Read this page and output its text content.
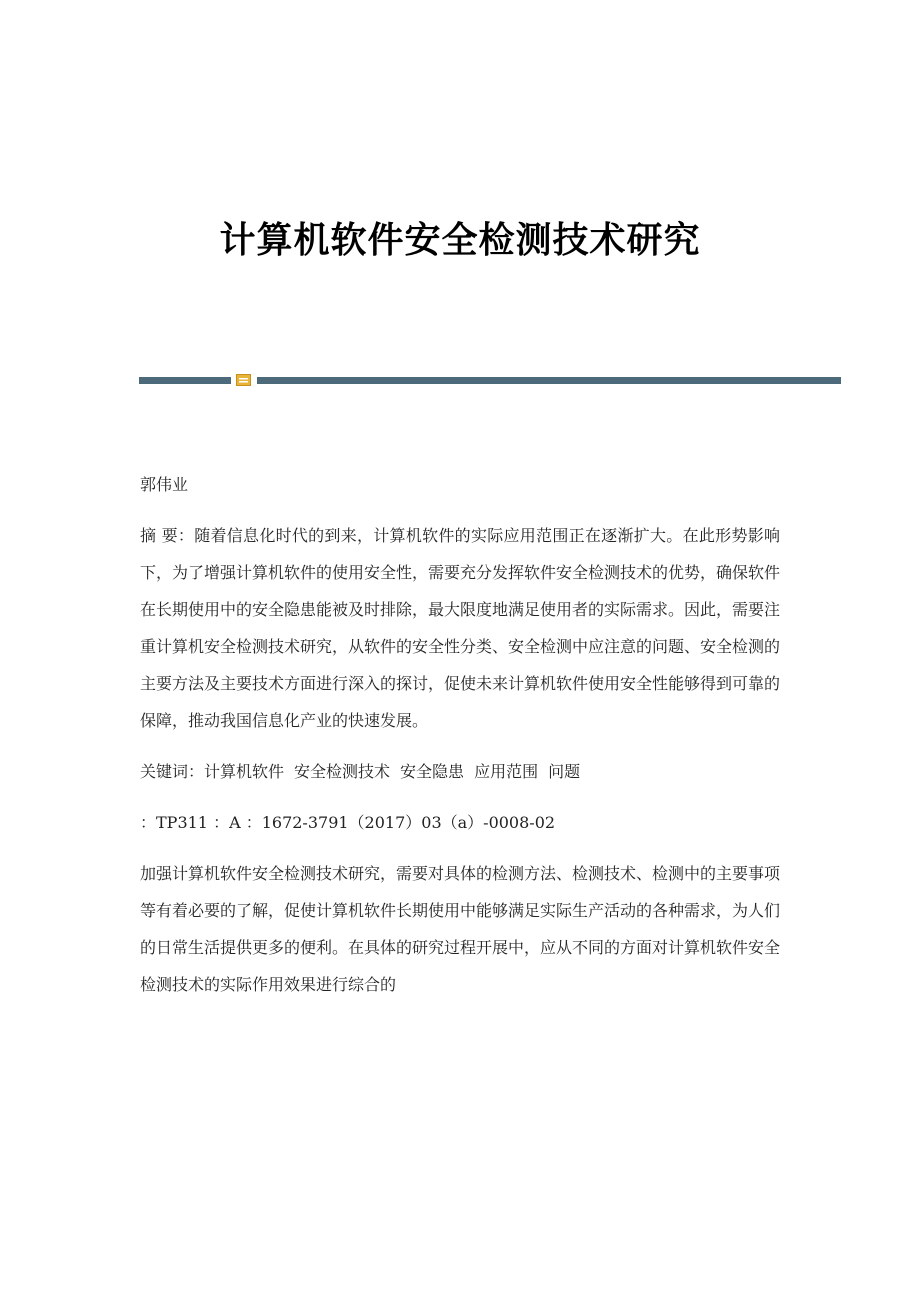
计算机软件安全检测技术研究

郭伟业

摘 要：随着信息化时代的到来，计算机软件的实际应用范围正在逐渐扩大。在此形势影响下，为了增强计算机软件的使用安全性，需要充分发挥软件安全检测技术的优势，确保软件在长期使用中的安全隐患能被及时排除，最大限度地满足使用者的实际需求。因此，需要注重计算机安全检测技术研究，从软件的安全性分类、安全检测中应注意的问题、安全检测的主要方法及主要技术方面进行深入的探讨，促使未来计算机软件使用安全性能够得到可靠的保障，推动我国信息化产业的快速发展。

关键词：计算机软件 安全检测技术 安全隐患 应用范围 问题

：TP311 ：A ：1672-3791（2017）03（a）-0008-02

加强计算机软件安全检测技术研究，需要对具体的检测方法、检测技术、检测中的主要事项等有着必要的了解，促使计算机软件长期使用中能够满足实际生产活动的各种需求，为人们的日常生活提供更多的便利。在具体的研究过程开展中，应从不同的方面对计算机软件安全检测技术的实际作用效果进行综合的
